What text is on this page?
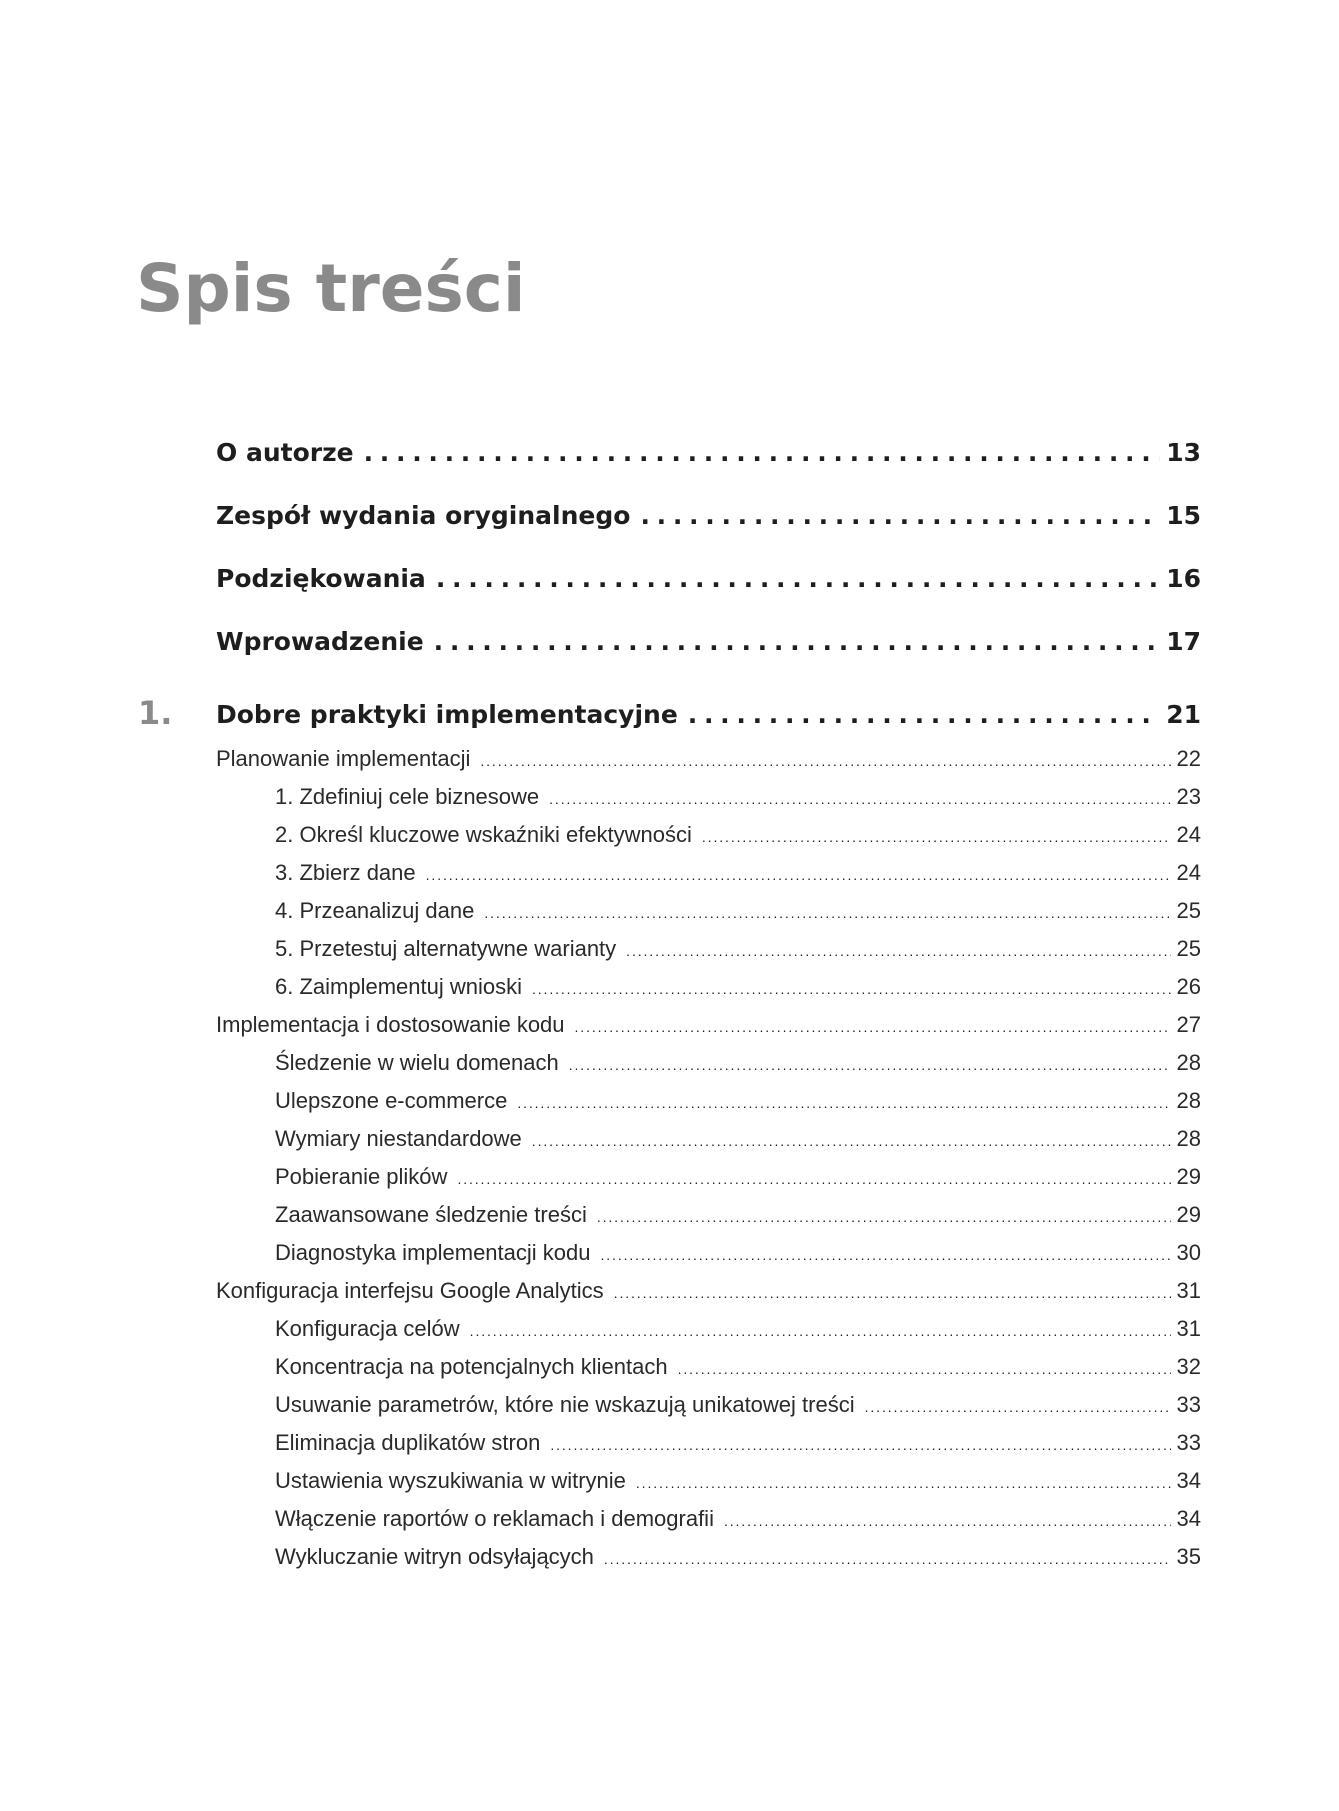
Spis treści
O autorze . . .	13
Zespół wydania oryginalnego . . .	15
Podziękowania . . .	16
Wprowadzenie . . .	17
1. Dobre praktyki implementacyjne . . .	21
Planowanie implementacji . . .	22
1. Zdefiniuj cele biznesowe . . .	23
2. Określ kluczowe wskaźniki efektywności . . .	24
3. Zbierz dane . . .	24
4. Przeanalizuj dane . . .	25
5. Przetestuj alternatywne warianty . . .	25
6. Zaimplementuj wnioski . . .	26
Implementacja i dostosowanie kodu . . .	27
Śledzenie w wielu domenach . . .	28
Ulepszone e-commerce . . .	28
Wymiary niestandardowe . . .	28
Pobieranie plików . . .	29
Zaawansowane śledzenie treści . . .	29
Diagnostyka implementacji kodu . . .	30
Konfiguracja interfejsu Google Analytics . . .	31
Konfiguracja celów . . .	31
Koncentracja na potencjalnych klientach . . .	32
Usuwanie parametrów, które nie wskazują unikatowej treści . . .	33
Eliminacja duplikatów stron . . .	33
Ustawienia wyszukiwania w witrynie . . .	34
Włączenie raportów o reklamach i demografii . . .	34
Wykluczanie witryn odsyłających . . .	35
